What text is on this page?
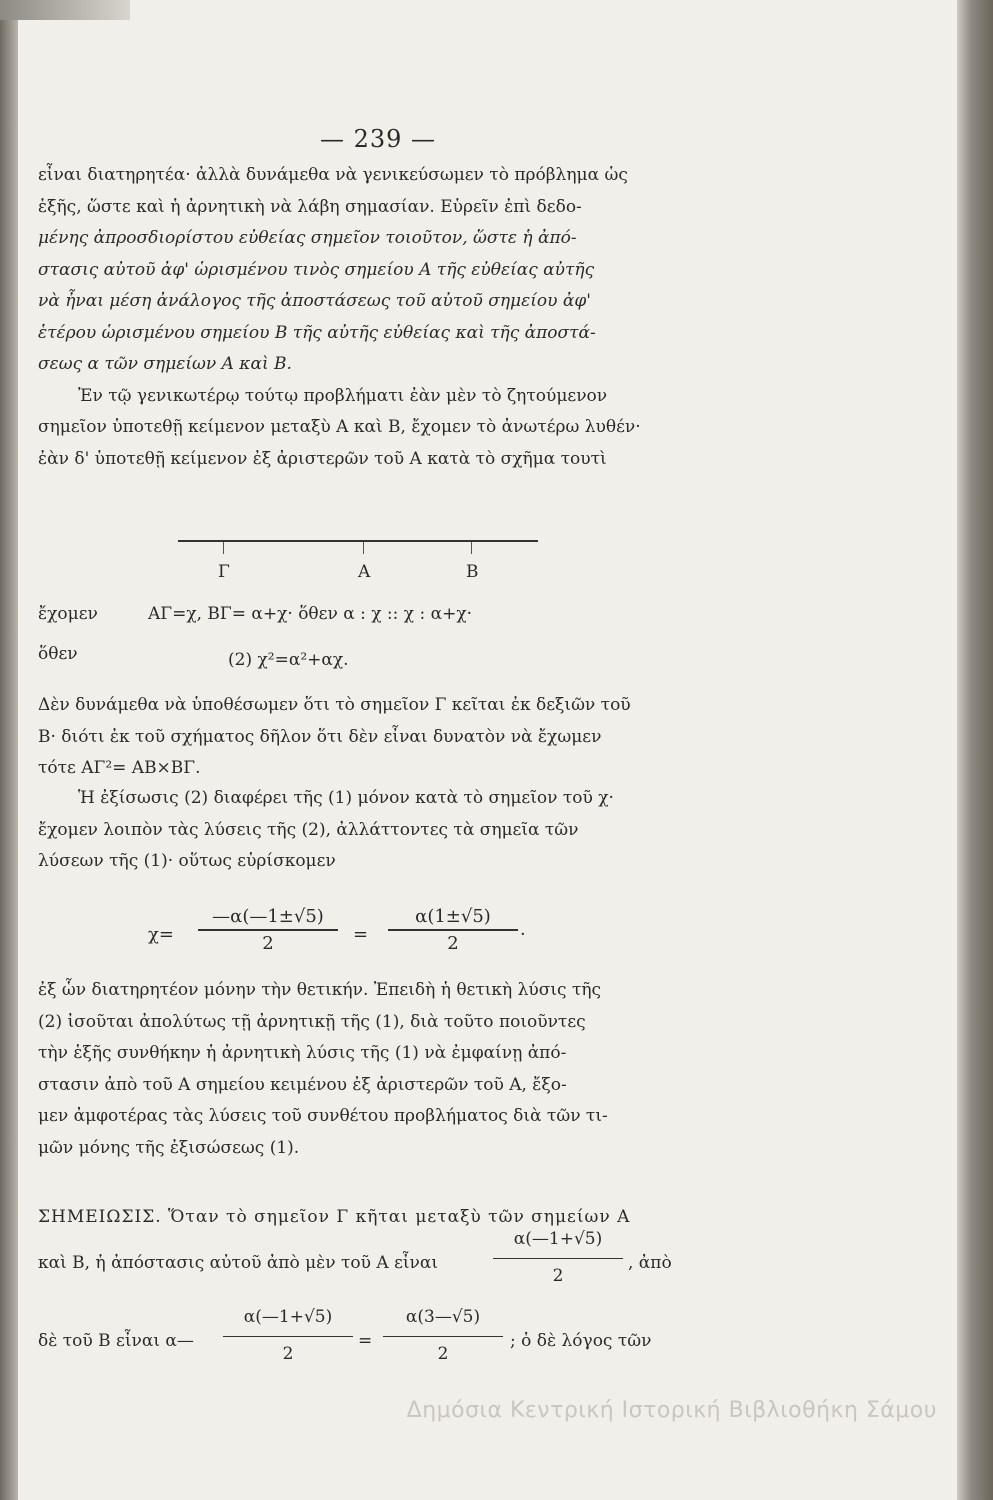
— 239 —
εἶναι διατηρητέα· ἀλλὰ δυνάμεθα νὰ γενικεύσωμεν τὸ πρόβλημα ὡς
ἑξῆς, ὥστε καὶ ἡ ἀρνητικὴ νὰ λάβη σημασίαν. Εὑρεῖν ἐπὶ δεδο-
μένης ἀπροσδιορίστου εὐθείας σημεῖον τοιοῦτον, ὥστε ἡ ἀπό-
στασις αὐτοῦ ἀφ' ὡρισμένου τινὸς σημείου Α τῆς εὐθείας αὐτῆς
νὰ ἦναι μέση ἀνάλογος τῆς ἀποστάσεως τοῦ αὐτοῦ σημείου ἀφ'
ἑτέρου ὡρισμένου σημείου Β τῆς αὐτῆς εὐθείας καὶ τῆς ἀποστά-
σεως α τῶν σημείων Α καὶ Β.
Ἐν τῷ γενικωτέρῳ τούτῳ προβλήματι ἐὰν μὲν τὸ ζητούμενον
σημεῖον ὑποτεθῇ κείμενον μεταξὺ Α καὶ Β, ἔχομεν τὸ ἀνωτέρω λυθέν·
ἐὰν δ' ὑποτεθῇ κείμενον ἐξ ἀριστερῶν τοῦ Α κατὰ τὸ σχῆμα τουτὶ
Γ	Α	Β
ἔχομεν	ΑΓ=χ, ΒΓ= α+χ· ὅθεν α : χ :: χ : α+χ·
ὅθεν	(2) χ²=α²+αχ.
Δὲν δυνάμεθα νὰ ὑποθέσωμεν ὅτι τὸ σημεῖον Γ κεῖται ἐκ δεξιῶν τοῦ
Β· διότι ἐκ τοῦ σχήματος δῆλον ὅτι δὲν εἶναι δυνατὸν νὰ ἔχωμεν
τότε ΑΓ²= ΑΒ×ΒΓ.
Ἡ ἐξίσωσις (2) διαφέρει τῆς (1) μόνον κατὰ τὸ σημεῖον τοῦ χ·
ἔχομεν λοιπὸν τὰς λύσεις τῆς (2), ἀλλάττοντες τὰ σημεῖα τῶν
λύσεων τῆς (1)· οὕτως εὑρίσκομεν
χ=
—α(—1±√5)
2	=
α(1±√5)
2	·
ἐξ ὧν διατηρητέον μόνην τὴν θετικήν. Ἐπειδὴ ἡ θετικὴ λύσις τῆς
(2) ἰσοῦται ἀπολύτως τῇ ἀρνητικῇ τῆς (1), διὰ τοῦτο ποιοῦντες
τὴν ἑξῆς συνθήκην ἡ ἀρνητικὴ λύσις τῆς (1) νὰ ἐμφαίνῃ ἀπό-
στασιν ἀπὸ τοῦ Α σημείου κειμένου ἐξ ἀριστερῶν τοῦ Α, ἔξο-
μεν ἀμφοτέρας τὰς λύσεις τοῦ συνθέτου προβλήματος διὰ τῶν τι-
μῶν μόνης τῆς ἐξισώσεως (1).
ΣΗΜΕΙΩΣΙΣ. Ὅταν τὸ σημεῖον Γ κῆται μεταξὺ τῶν σημείων Α
καὶ Β, ἡ ἀπόστασις αὐτοῦ ἀπὸ μὲν τοῦ Α εἶναι
α(—1+√5)
2
, ἀπὸ
δὲ τοῦ Β εἶναι α—
α(—1+√5)
2
=
α(3—√5)
2
; ὁ δὲ λόγος τῶν
Δημόσια Κεντρική Ιστορική Βιβλιοθήκη Σάμου
